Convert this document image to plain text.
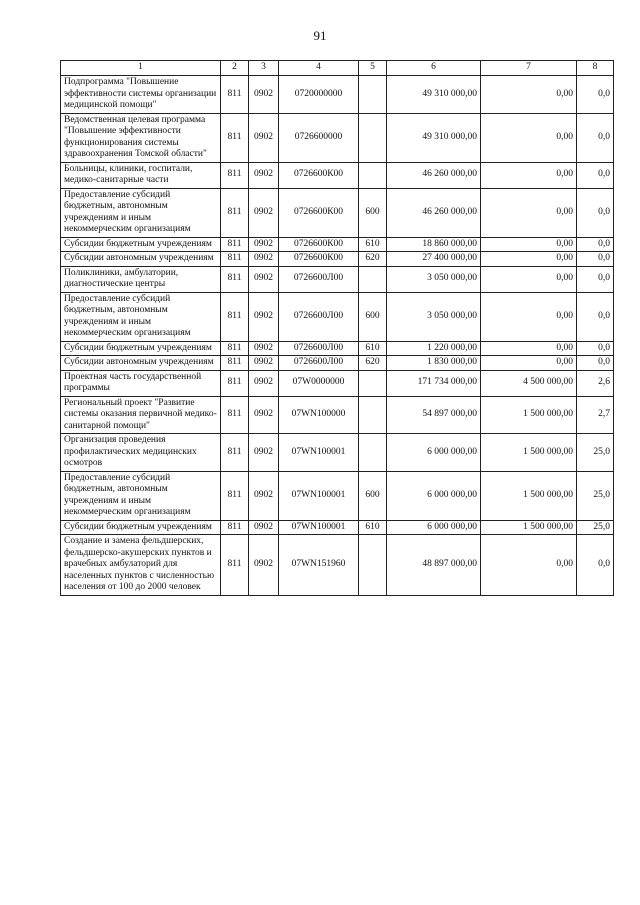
91
1	2	3	4	5	6	7	8
Подпрограмма "Повышение эффективности системы организации медицинской помощи"	811	0902	0720000000		49 310 000,00	0,00	0,0
Ведомственная целевая программа "Повышение эффективности функционирования системы здравоохранения Томской области"	811	0902	0726600000		49 310 000,00	0,00	0,0
Больницы, клиники, госпитали, медико-санитарные части	811	0902	0726600К00		46 260 000,00	0,00	0,0
Предоставление субсидий бюджетным, автономным учреждениям и иным некоммерческим организациям	811	0902	0726600К00	600	46 260 000,00	0,00	0,0
Субсидии бюджетным учреждениям	811	0902	0726600К00	610	18 860 000,00	0,00	0,0
Субсидии автономным учреждениям	811	0902	0726600К00	620	27 400 000,00	0,00	0,0
Поликлиники, амбулатории, диагностические центры	811	0902	0726600Л00		3 050 000,00	0,00	0,0
Предоставление субсидий бюджетным, автономным учреждениям и иным некоммерческим организациям	811	0902	0726600Л00	600	3 050 000,00	0,00	0,0
Субсидии бюджетным учреждениям	811	0902	0726600Л00	610	1 220 000,00	0,00	0,0
Субсидии автономным учреждениям	811	0902	0726600Л00	620	1 830 000,00	0,00	0,0
Проектная часть государственной программы	811	0902	07W0000000		171 734 000,00	4 500 000,00	2,6
Региональный проект "Развитие системы оказания первичной медико-санитарной помощи"	811	0902	07WN100000		54 897 000,00	1 500 000,00	2,7
Организация проведения профилактических медицинских осмотров	811	0902	07WN100001		6 000 000,00	1 500 000,00	25,0
Предоставление субсидий бюджетным, автономным учреждениям и иным некоммерческим организациям	811	0902	07WN100001	600	6 000 000,00	1 500 000,00	25,0
Субсидии бюджетным учреждениям	811	0902	07WN100001	610	6 000 000,00	1 500 000,00	25,0
Создание и замена фельдшерских, фельдшерско-акушерских пунктов и врачебных амбулаторий для населенных пунктов с численностью населения от 100 до 2000 человек	811	0902	07WN151960		48 897 000,00	0,00	0,0
